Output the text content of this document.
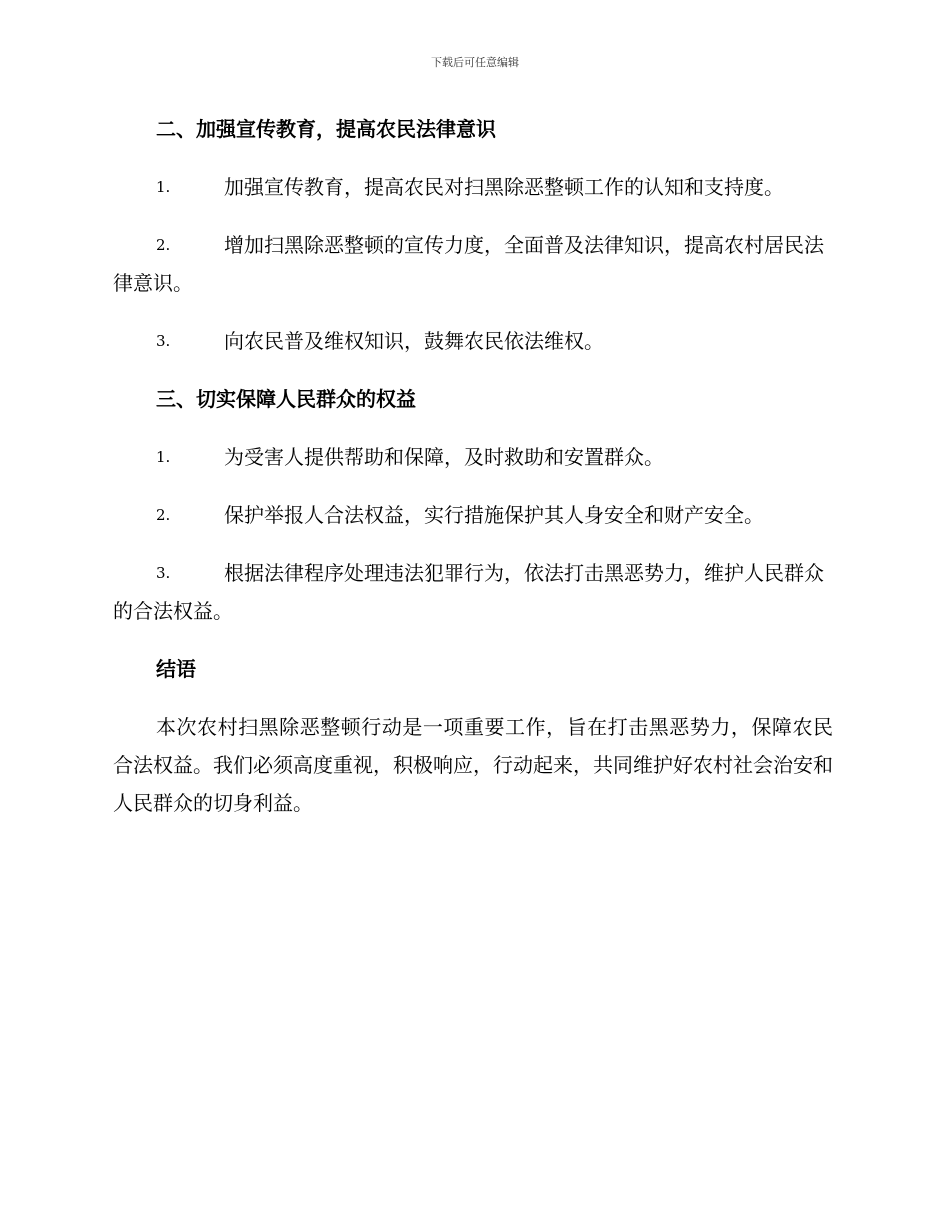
下载后可任意编辑
二、加强宣传教育，提高农民法律意识
1.	加强宣传教育，提高农民对扫黑除恶整顿工作的认知和支持度。
2.	增加扫黑除恶整顿的宣传力度，全面普及法律知识，提高农村居民法律意识。
3.	向农民普及维权知识，鼓舞农民依法维权。
三、切实保障人民群众的权益
1.	为受害人提供帮助和保障，及时救助和安置群众。
2.	保护举报人合法权益，实行措施保护其人身安全和财产安全。
3.	根据法律程序处理违法犯罪行为，依法打击黑恶势力，维护人民群众的合法权益。
结语

本次农村扫黑除恶整顿行动是一项重要工作，旨在打击黑恶势力，保障农民合法权益。我们必须高度重视，积极响应，行动起来，共同维护好农村社会治安和人民群众的切身利益。
